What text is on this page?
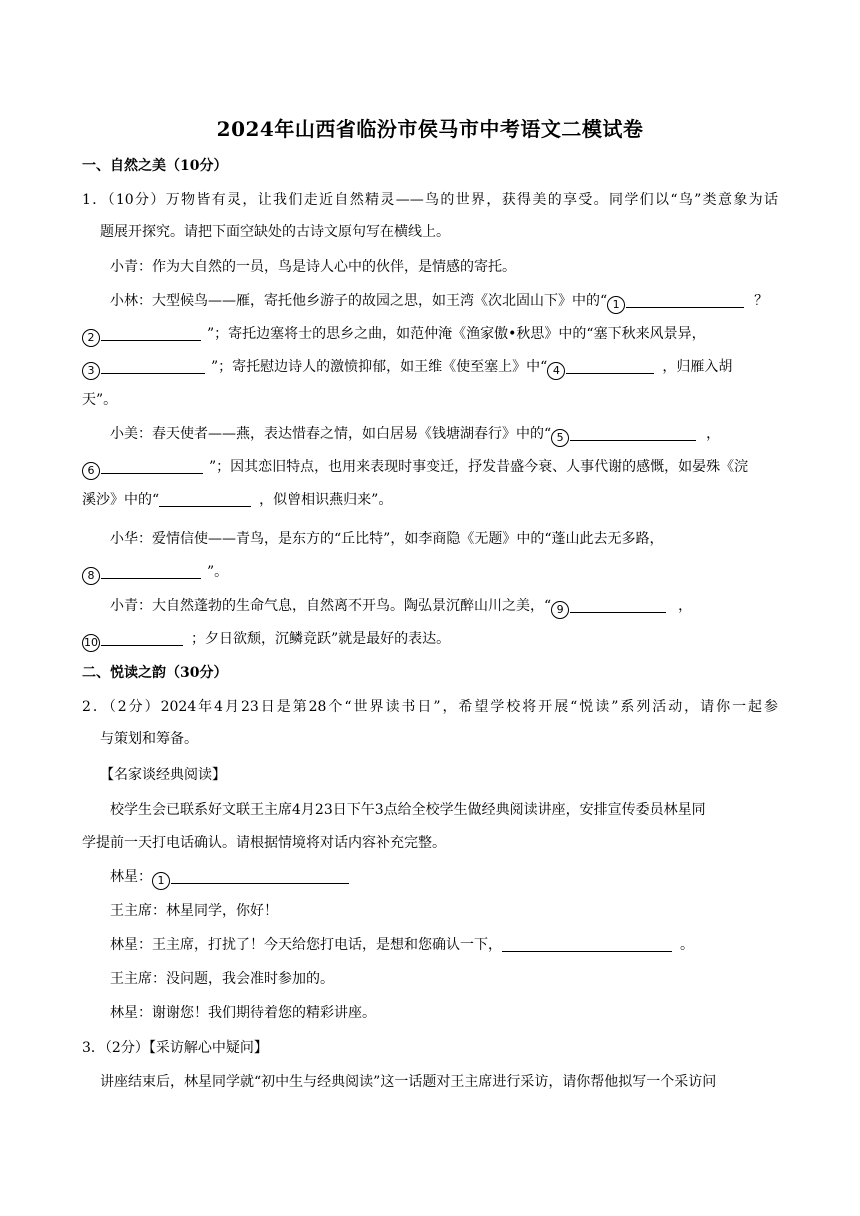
2024年山西省临汾市侯马市中考语文二模试卷
一、自然之美（10分）
1．（10分）万物皆有灵，让我们走近自然精灵——鸟的世界，获得美的享受。同学们以“鸟”类意象为话
题展开探究。请把下面空缺处的古诗文原句写在横线上。
小青：作为大自然的一员，鸟是诗人心中的伙伴，是情感的寄托。
小林：大型候鸟——雁，寄托他乡游子的故园之思，如王湾《次北固山下》中的“ 1	？
2	”；寄托边塞将士的思乡之曲，如范仲淹《渔家傲•秋思》中的“塞下秋来风景异，
3	”；寄托慰边诗人的激愤抑郁，如王维《使至塞上》中“ 4	，归雁入胡
天”。
小美：春天使者——燕，表达惜春之情，如白居易《钱塘湖春行》中的“ 5	，
6	”；因其恋旧特点，也用来表现时事变迁，抒发昔盛今衰、人事代谢的感慨，如晏殊《浣
溪沙》中的“	，似曾相识燕归来”。
小华：爱情信使——青鸟，是东方的“丘比特”，如李商隐《无题》中的“蓬山此去无多路，
8	”。
小青：大自然蓬勃的生命气息，自然离不开鸟。陶弘景沉醉山川之美，“ 9	，
10	；夕日欲颓，沉鳞竞跃”就是最好的表达。
二、悦读之韵（30分）
2．（2分）2024年4月23日是第28个“世界读书日”，希望学校将开展“悦读”系列活动，请你一起参
与策划和筹备。
【名家谈经典阅读】
校学生会已联系好文联王主席4月23日下午3点给全校学生做经典阅读讲座，安排宣传委员林星同
学提前一天打电话确认。请根据情境将对话内容补充完整。
林星： 1
王主席：林星同学，你好！
林星：王主席，打扰了！今天给您打电话，是想和您确认一下，	。
王主席：没问题，我会准时参加的。
林星：谢谢您！我们期待着您的精彩讲座。
3．（2分）【采访解心中疑问】
讲座结束后，林星同学就“初中生与经典阅读”这一话题对王主席进行采访，请你帮他拟写一个采访问
